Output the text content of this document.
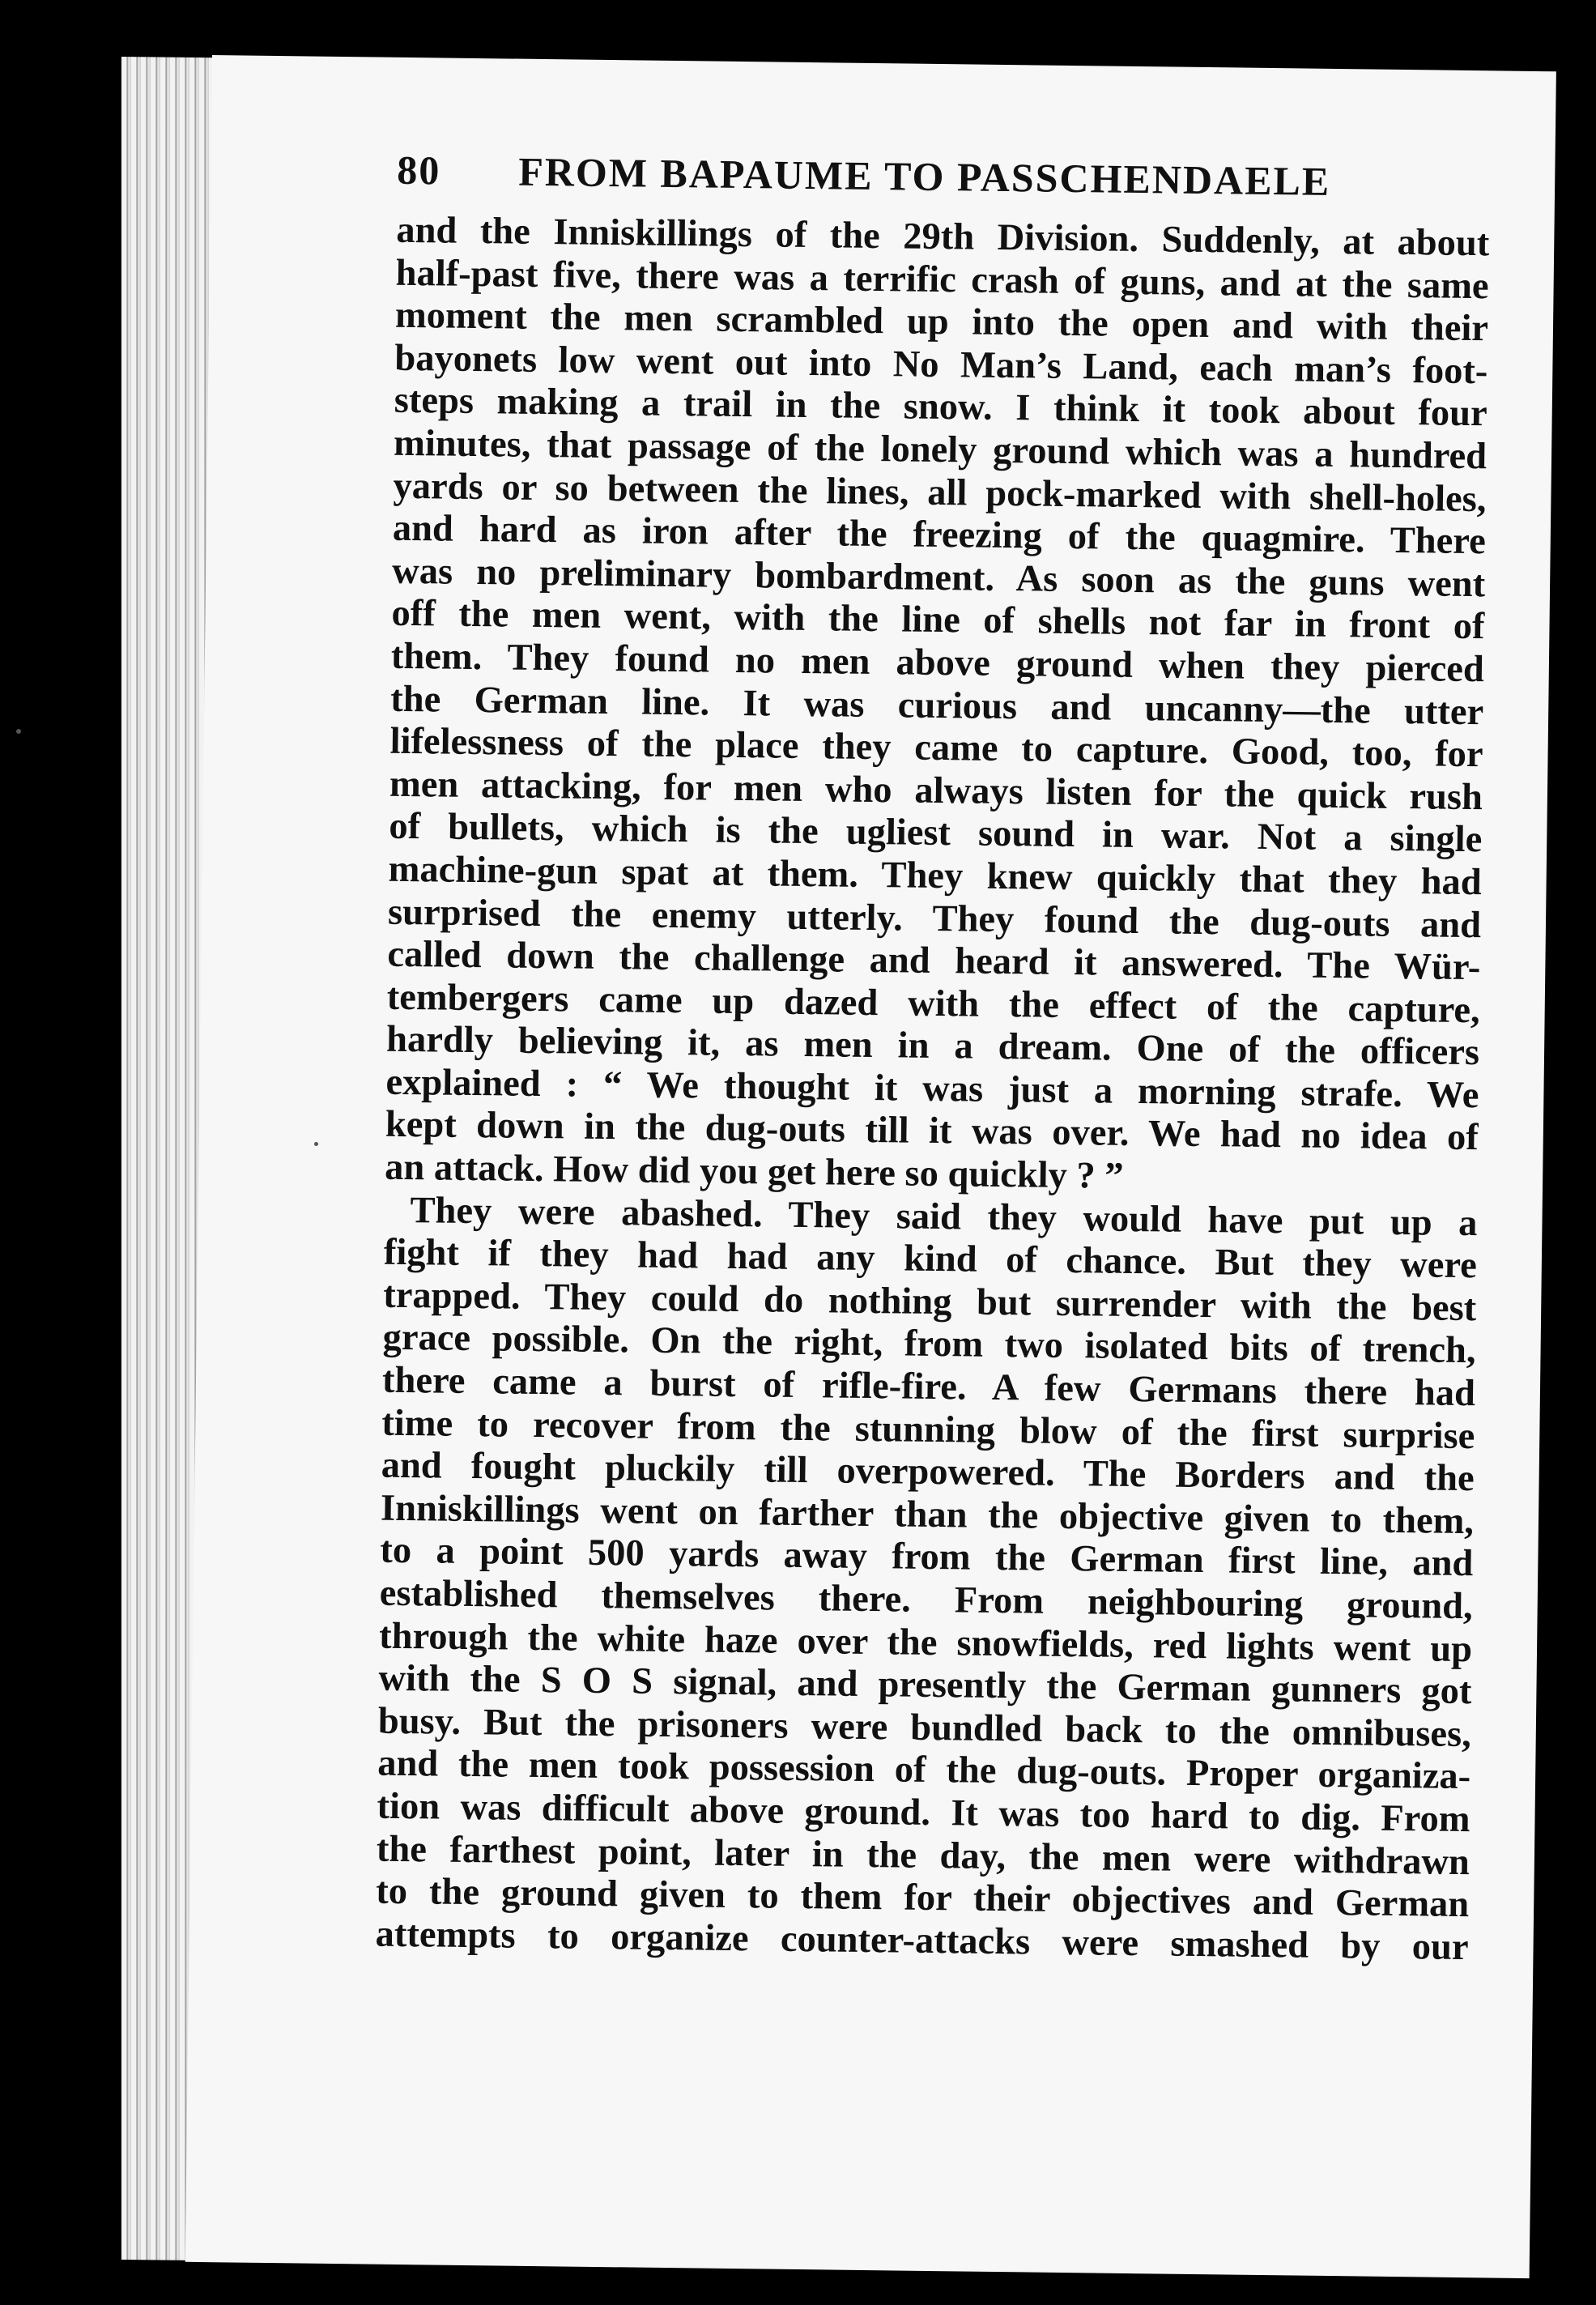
80	FROM BAPAUME TO PASSCHENDAELE

and the Inniskillings of the 29th Division. Suddenly, at about

half-past five, there was a terrific crash of guns, and at the same

moment the men scrambled up into the open and with their

bayonets low went out into No Man’s Land, each man’s foot-

steps making a trail in the snow. I think it took about four

minutes, that passage of the lonely ground which was a hundred

yards or so between the lines, all pock-marked with shell-holes,

and hard as iron after the freezing of the quagmire. There

was no preliminary bombardment. As soon as the guns went

off the men went, with the line of shells not far in front of

them. They found no men above ground when they pierced

the German line. It was curious and uncanny—the utter

lifelessness of the place they came to capture. Good, too, for

men attacking, for men who always listen for the quick rush

of bullets, which is the ugliest sound in war. Not a single

machine-gun spat at them. They knew quickly that they had

surprised the enemy utterly. They found the dug-outs and

called down the challenge and heard it answered. The Wür-

tembergers came up dazed with the effect of the capture,

hardly believing it, as men in a dream. One of the officers

explained : “ We thought it was just a morning strafe. We

kept down in the dug-outs till it was over. We had no idea of

an attack. How did you get here so quickly ? ”

They were abashed. They said they would have put up a

fight if they had had any kind of chance. But they were

trapped. They could do nothing but surrender with the best

grace possible. On the right, from two isolated bits of trench,

there came a burst of rifle-fire. A few Germans there had

time to recover from the stunning blow of the first surprise

and fought pluckily till overpowered. The Borders and the

Inniskillings went on farther than the objective given to them,

to a point 500 yards away from the German first line, and

established themselves there. From neighbouring ground,

through the white haze over the snowfields, red lights went up

with the S O S signal, and presently the German gunners got

busy. But the prisoners were bundled back to the omnibuses,

and the men took possession of the dug-outs. Proper organiza-

tion was difficult above ground. It was too hard to dig. From

the farthest point, later in the day, the men were withdrawn

to the ground given to them for their objectives and German

attempts to organize counter-attacks were smashed by our
